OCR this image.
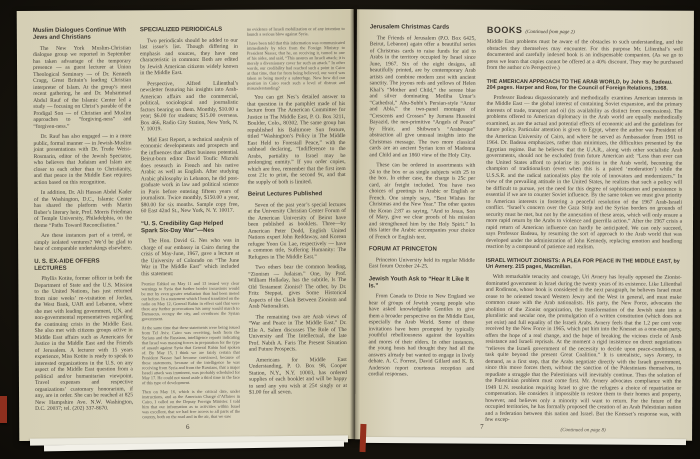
Muslim Dialogues Continue With Jews and Christians

The New York Muslim-Christian dialogue group we reported in September has taken advantage of the temporary presence — as guest lecturer at Union Theological Seminary — of Dr. Kenneth Cragg, Great Britain’s leading Christian interpreter of Islam. At the group’s most recent gathering, he and Dr. Muhammad Abdul Rauf of the Islamic Center led a study — focusing on Christ’s parable of the Prodigal Son — of Christian and Muslim approaches to “forgiving-ness” and “forgiven-ness.”

Dr. Rauf has also engaged — in a more public, formal manner — in Jewish-Muslim joint presentations with Dr. Trude Weiss-Rosmarin, editor of the Jewish Spectator, who believes that Judaism and Islam are closer to each other than to Christianity, and that peace in the Middle East requires action based on this recognition.

In addition, Dr. Ali Hassan Abdel Kader of the Washington, D.C., Islamic Center has shared the platform with Martin Buber’s literary heir, Prof. Morris Friedman of Temple University, Philadelphia, on the theme “Paths Toward Reconciliation.”

Are these instances part of a trend, or simply isolated ventures? We’d be glad to hear of comparable undertakings elsewhere.

U. S. EX-AIDE OFFERS LECTURES

Phyllis Kotite, former officer in both the Department of State and the U.S. Mission to the United Nations, has just returned from nine weeks’ re-visitation of Jordan, the West Bank, UAR and Lebanon, where she met with leading government, UN, and non-governmental representatives regarding the continuing crisis in the Middle East. She also met with citizens groups active in Middle East affairs such as Americans for Justice in the Middle East and the Friends of Jerusalem. A lecturer with 15 years experience, Miss Kotite is ready to speak to interested organizations in the U.S. on any aspect of the Middle East question from a political and/or humanitarian viewpoint. Travel expenses and respective organizations’ customary honorarium, if any, are in order. She can be reached at 825 New Hampshire Ave. N.W. Washington, D.C. 20037; tel. (202) 337-8670.

SPECIALIZED PERIODICALS

Two periodicals should be added to our last issue’s list. Though differing in emphasis and sources, they have one characteristic in common: Both are edited by Jewish American citizens widely known in the Middle East.

Perspective, Alfred Lilienthal’s newsletter featuring his insights into Arab-American affairs and the commercial, political, sociological and journalistic factors bearing on them. Monthly, $10.00 a year; $6.00 for students; $15.00 overseas. Box 466, Radio City Station, New York, N. Y. 10019.

Mid East Report, a technical analysis of economic developments and prospects and the influences that affect business potential. Beirut-born editor David Toufic Mizrahi does research in French and his native Arabic as well as English. After studying Arabic philosophy in Lebanon, he did post-graduate work in law and political science in Paris before entering fifteen years of journalism. Twice monthly, $150.00 a year, $80.00 for six months. Sample copy free, 60 East 42nd St., New York, N. Y. 10017.

“U. S. Credibility Gap Helped Spark Six-Day War”—Nes

The Hon. David G. Nes who was in charge of our embassy in Cairo during the crisis of May-June, 1967, gave a lecture at the University of Colorado on “The June War in The Middle East” which included this statement:

Premier Eshkol on May 11 and 13 issued very clear warnings to Syria that further border incursions would be met by even greater retaliation than had been meted out before. In a statement which I heard translated on the radio on May 12, General Rabin in effect said that were there any further provocations his army would march to Damascus, occupy the city, and overthrow the Syrian government.

At the same time that these statements were being issued from Tel Aviv, Cairo was receiving, both from the Syrians and the Russians, intelligence reports indicating that Israel was massing forces in preparation for the type of assault against Syria that General Rabin had spoken of. By May 15, I think we are fairly certain that President Nasser had become convinced, because of these statements, because of the intelligence he was receiving from Syria and from the Russians, that a major Israeli attack was imminent, was probably scheduled for May 17. He could not stand aside a third time in the face of this type of development.

Then on May 16, which is the critical date, under instructions, and as the American Chargé d’Affaires in Cairo, I called on the Deputy Foreign Minister. I told him that our information as to activities within Israel was excellent, that we had free access to all parts of the country, both on the road and in the air, that we saw

no evidence of Israeli mobilization or of any intention to launch a serious blow against Syria.

I have been told that this information was communicated immediately by telex from the Foreign Ministry to President Nasser, that he, on receiving it, turned to one of his aides, and said, “This assures an Israeli attack; it is merely a diversionary cover for such an attack.” In other words, our credibility had reached such a point in Cairo at that time, that far from being believed, our word was taken as being merely a subterfuge. Now how did our position in Cairo reach such a level of distrust and misunderstanding?

You can get Nes’s detailed answer to that question in the pamphlet made of his lecture from The American Committee for Justice in The Middle East, P. O. Box 3211, Boulder, Colo., 80302. The same group has republished his Baltimore Sun feature, titled “Washington’s Policy in The Middle East Held to Forestall Peace,” with the subhead declaring, “Indifference to the Arabs, partiality to Israel may be prolonging enmity.” If you order copies, which are free, remember that the first item cost 21c to print, the second 9c, and that the supply of both is limited.

Beirut Lectures Published

Seven of the past year’s special lectures at the University Christian Center Forum of the American University of Beirut have been published as booklets. Three—by American Peter Dodd, English United Nations expert John Reddaway, and Korean refugee Yoon Gu Lae, respectively — have a common title, Suffering Humanity: The Refugees in The Middle East.”

Two others bear the common heading, “Zionism — Judaism.” One, by Prof. William Holladay, has the subtitle, Is The Old Testament Zionist? The other, by Dr. Fritz Steppat, gives Some Historical Aspects of the Clash Between Zionism and Arab Nationalism.

The remaining two are Arab views of “War and Peace in The Middle East.” Dr. Elie A. Salem discusses The Role of The University and The Intellectual, the late Prof. Nabih A. Faris The Present Situation and Future Prospects.

Americans for Middle East Understanding, P. O. Box 98, Cooper Station, N.Y., N.Y. 10003, has ordered supplies of each booklet and will be happy to send any you wish at 25¢ singly or at $1.00 for all seven.

6
Jerusalem Christmas Cards

The Friends of Jerusalem (P.O. Box 6425, Beirut, Lebanon) again offer a beautiful series of Christmas cards to raise funds for aid to Arabs in the territory occupied by Israel since June, 1967. Six of the eight designs, all beautifully printed, are by contemporary Arab artists and combine modern zest with ancient sanctity. The joyous reds and yellows of Helen Khal’s “Mother and Child,” the serene blue and silver dominating Mediha Umar’s “Cathedral,” Abu-Subhi’s Persian-style “Antar and Abla,” the two-panel montages of “Crescents and Crosses” by Jumana Husseini Bayazid, the neo-primitive “Angels of Peace” by Hrair, and Shibwon’s “Arabesque” abstraction all give unusual insights into the Christmas message. The two more classical cards are an ancient Syrian icon of Madonna and Child and an 1860 view of the Holy City.

These can be ordered in assortments with 24 to the box or as single subjects with 25 to the box. In either case, the charge is 25c per card, air freight included. You have two choices of greetings in Arabic or English or French. One simply says, “Best Wishes for Christmas and the New Year.” The other quotes the Koran 2:87 as saying, “And to Jesus, Son of Mary, give we clear proofs of his mission and strengthened him by the Holy Spirit.” In this latter the Arabic accompanies your choice of French or English text.

FORUM AT PRINCETON

Princeton University held its regular Middle East forum October 24-25.

Jewish Youth Ask to “Hear It Like It Is.”

From Canada to Dixie to New England we hear of groups of Jewish young people who have asked knowledgable Gentiles to give them a broader perspective on the Middle East, especially the Arab World. Some of these invitations have been prompted by typically youthful rebelliousness against the loyalties and mores of their elders. In other instances, the young hosts had thought they had all the answers already but wanted to engage in lively debate. A. C. Forrest, David Gillard and K. B. Anderson report courteous reception and cordial responses.

BOOKS (Continued from page 2)

Middle East problems must be aware of the obstacles to such understanding, and the obstacles they themselves may encounter. For this purpose Mr. Lilienthal’s well documented and carefully indexed book is an indispensable companion. (As we go to press we learn that copies cannot be offered at a 40% discount. They may be purchased from the author c/o Perspective.)

THE AMERICAN APPROACH TO THE ARAB WORLD, by John S. Badeau. 204 pages. Harper and Row, for the Council of Foreign Relations, 1968.

Professor Badeau dispassionately and methodically examines American interests in the Middle East — the global interest of containing Soviet expansion, and the primary interests of trade, transport and oil (its availability as distinct from concessions). The problems offered to American diplomacy in the Arab world are equally methodically examined, as are the actual and potential effects of economic aid and the guidelines for future policy. Particular attention is given to Egypt, where the author was President of the American University of Cairo, and where he served as Ambassador from 1961 to 1964. Dr. Badeau emphasizes, rather than minimizes, the difficulties presented by the Egyptian regime. But he believes that the U.A.R., along with other socialistic Arab governments, should not be excluded from future American aid: “Less than ever can the United States afford to polarize its position in the Arab world, becoming the champion of traditionalism (even when this is a paired ‘moderation’) while the U.S.S.R. and the radical nationalists play the role of innovators and modernizers.” In view of the prevailing attitude in the United States, he realizes that such a policy will be difficult to pursue, yet the need for this degree of sophistication and persistence is essential if we are to counter Soviet influence. By the same token we must give priority to American interests in fostering a peaceful resolution of the 1967 Arab-Israeli conflict. “Israel’s concern over the Gaza Strip and the Syrian borders on grounds of security must be met, but not by the annexation of these areas, which will only ensure a more rapid return by the Arabs to violence and guerrilla action.” After the 1967 crisis a rapid return of American influence can hardly be anticipated. We can only succeed, says Professor Badeau, by resuming the sort of approach to the Arab world that was developed under the administration of John Kennedy, replacing emotion and headlong reaction by a compound of patience and realism.

ISRAEL WITHOUT ZIONISTS: A PLEA FOR PEACE IN THE MIDDLE EAST, by Uri Avnery. 215 pages, Macmillan.

With remarkable tenacity and courage, Uri Avnery has loyally opposed the Zionist-dominated government in Israel during the twenty years of its existence. Like Lilienthal and Rodinson, whose book is considered in the next paragraph, he believes Israel must cease to be oriented toward Western Jewry and the West in general, and must make common cause with the Arab nationalists. His party, the New Force, advocates the abolition of the Zionist organization, the transformation of the Jewish state into a pluralistic and secular one, the promulgation of a written constitution (which does not yet exist) and full equality of the Israeli Arabs. Avnery feels that the 1.2 per cent vote received by the New Force in 1965, which put him into the Knesset as a one-man party, offers the hope of a real change, and the hope of breaking the vicious circle of Arab resistance and Israeli reprisals. At the moment a rigid insistence on direct negotiations “relieves the Israeli government of the necessity to decide upon peace-conditions, a task quite beyond the present Great Coalition.” It is unrealistic, says Avnery, to demand, as a first step, that the Arabs negotiate directly with the Israeli government, since this move forces them, without the sanction of the Palestinians themselves, to repudiate a struggle that the Palestinians will inevitably continue. Thus the solution of the Palestinian problem must come first. Mr. Avnery advocates compliance with the 1949 U.N. resolution requiring Israel to give the refugees a choice of repatriation or compensation. He considers it impossible to restore them to their homes and property, however, and believes only a minority will want to return. For the future of the occupied territories, he has formally proposed the creation of an Arab Palestinian nation and a federation between this nation and Israel. But the Knesset’s response was, with few excep-

(Continued on page 8)
7
